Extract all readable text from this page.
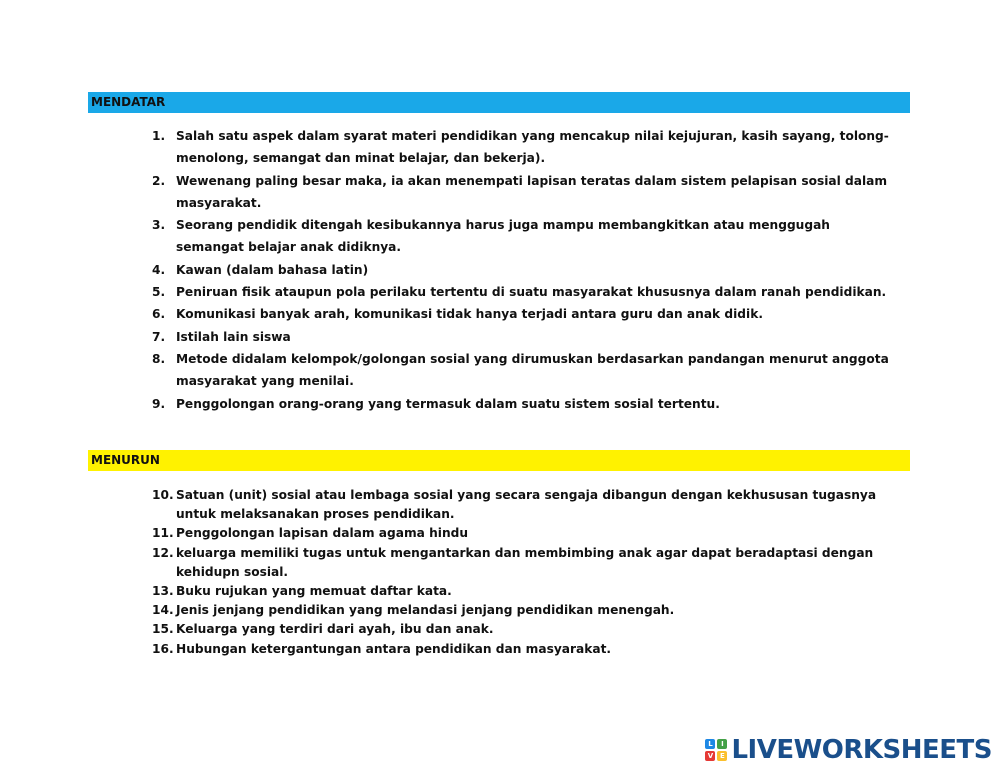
MENDATAR
1. Salah satu aspek dalam syarat materi pendidikan yang mencakup nilai kejujuran, kasih sayang, tolong-menolong, semangat dan minat belajar, dan bekerja).
2. Wewenang paling besar maka, ia akan menempati lapisan teratas dalam sistem pelapisan sosial dalam masyarakat.
3. Seorang pendidik ditengah kesibukannya harus juga mampu membangkitkan atau menggugah semangat belajar anak didiknya.
4. Kawan (dalam bahasa latin)
5. Peniruan fisik ataupun pola perilaku tertentu di suatu masyarakat khususnya dalam ranah pendidikan.
6. Komunikasi banyak arah, komunikasi tidak hanya terjadi antara guru dan anak didik.
7. Istilah lain siswa
8. Metode didalam kelompok/golongan sosial yang dirumuskan berdasarkan pandangan menurut anggota masyarakat yang menilai.
9. Penggolongan orang-orang yang termasuk dalam suatu sistem sosial tertentu.
MENURUN
10. Satuan (unit) sosial atau lembaga sosial yang secara sengaja dibangun dengan kekhususan tugasnya untuk melaksanakan proses pendidikan.
11. Penggolongan lapisan dalam agama hindu
12. keluarga memiliki tugas untuk mengantarkan dan membimbing anak agar dapat beradaptasi dengan kehidupn sosial.
13. Buku rujukan yang memuat daftar kata.
14. Jenis jenjang pendidikan yang melandasi jenjang pendidikan menengah.
15. Keluarga yang terdiri dari ayah, ibu dan anak.
16. Hubungan ketergantungan antara pendidikan dan masyarakat.
L	I
V E LIVEWORKSHEETS
